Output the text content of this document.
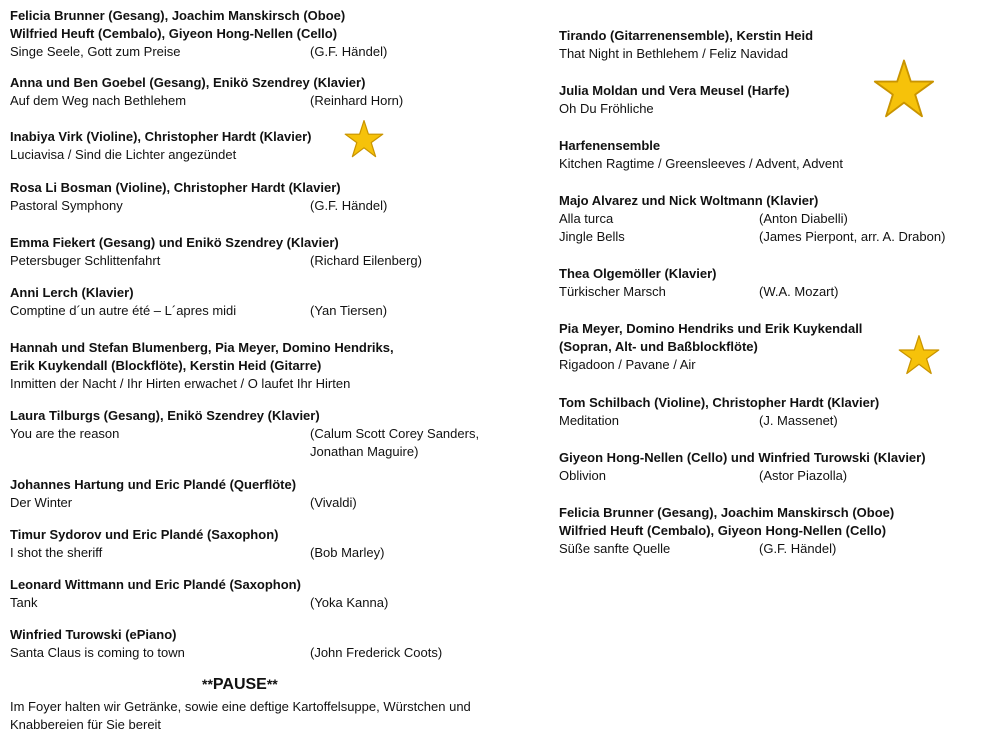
Felicia Brunner (Gesang), Joachim Manskirsch (Oboe)
Wilfried Heuft (Cembalo), Giyeon Hong-Nellen (Cello)
Singe Seele, Gott zum Preise	(G.F. Händel)
Anna und Ben Goebel (Gesang), Enikö Szendrey (Klavier)
Auf dem Weg nach Bethlehem	(Reinhard Horn)
Inabiya Virk (Violine), Christopher Hardt (Klavier)
Luciavisa / Sind die Lichter angezündet
Rosa Li Bosman (Violine), Christopher Hardt (Klavier)
Pastoral Symphony	(G.F. Händel)
Emma Fiekert (Gesang) und Enikö Szendrey (Klavier)
Petersbuger Schlittenfahrt	(Richard Eilenberg)
Anni Lerch (Klavier)
Comptine d´un autre été – L´apres midi	(Yan Tiersen)
Hannah und Stefan Blumenberg, Pia Meyer, Domino Hendriks,
Erik Kuykendall (Blockflöte), Kerstin Heid (Gitarre)
Inmitten der Nacht / Ihr Hirten erwachet / O laufet Ihr Hirten
Laura Tilburgs (Gesang), Enikö Szendrey (Klavier)
You are the reason	(Calum Scott Corey Sanders,
Jonathan Maguire)
Johannes Hartung und Eric Plandé (Querflöte)
Der Winter	(Vivaldi)
Timur Sydorov und Eric Plandé (Saxophon)
I shot the sheriff	(Bob Marley)
Leonard Wittmann und Eric Plandé (Saxophon)
Tank	(Yoka Kanna)
Winfried Turowski (ePiano)
Santa Claus is coming to town	(John Frederick Coots)
**PAUSE**
Im Foyer halten wir Getränke, sowie eine deftige Kartoffelsuppe, Würstchen und Knabbereien für Sie bereit
Tirando (Gitarrenensemble), Kerstin Heid
That Night in Bethlehem / Feliz Navidad
Julia Moldan und Vera Meusel (Harfe)
Oh Du Fröhliche
Harfenensemble
Kitchen Ragtime / Greensleeves / Advent, Advent
Majo Alvarez und Nick Woltmann (Klavier)
Alla turca	(Anton Diabelli)
Jingle Bells	(James Pierpont, arr. A. Drabon)
Thea Olgemöller (Klavier)
Türkischer Marsch	(W.A. Mozart)
Pia Meyer, Domino Hendriks und Erik Kuykendall
(Sopran, Alt- und Baßblockflöte)
Rigadoon / Pavane / Air
Tom Schilbach (Violine), Christopher Hardt (Klavier)
Meditation	(J. Massenet)
Giyeon Hong-Nellen (Cello) und Winfried Turowski (Klavier)
Oblivion	(Astor Piazolla)
Felicia Brunner (Gesang), Joachim Manskirsch (Oboe)
Wilfried Heuft (Cembalo), Giyeon Hong-Nellen (Cello)
Süße sanfte Quelle	(G.F. Händel)
